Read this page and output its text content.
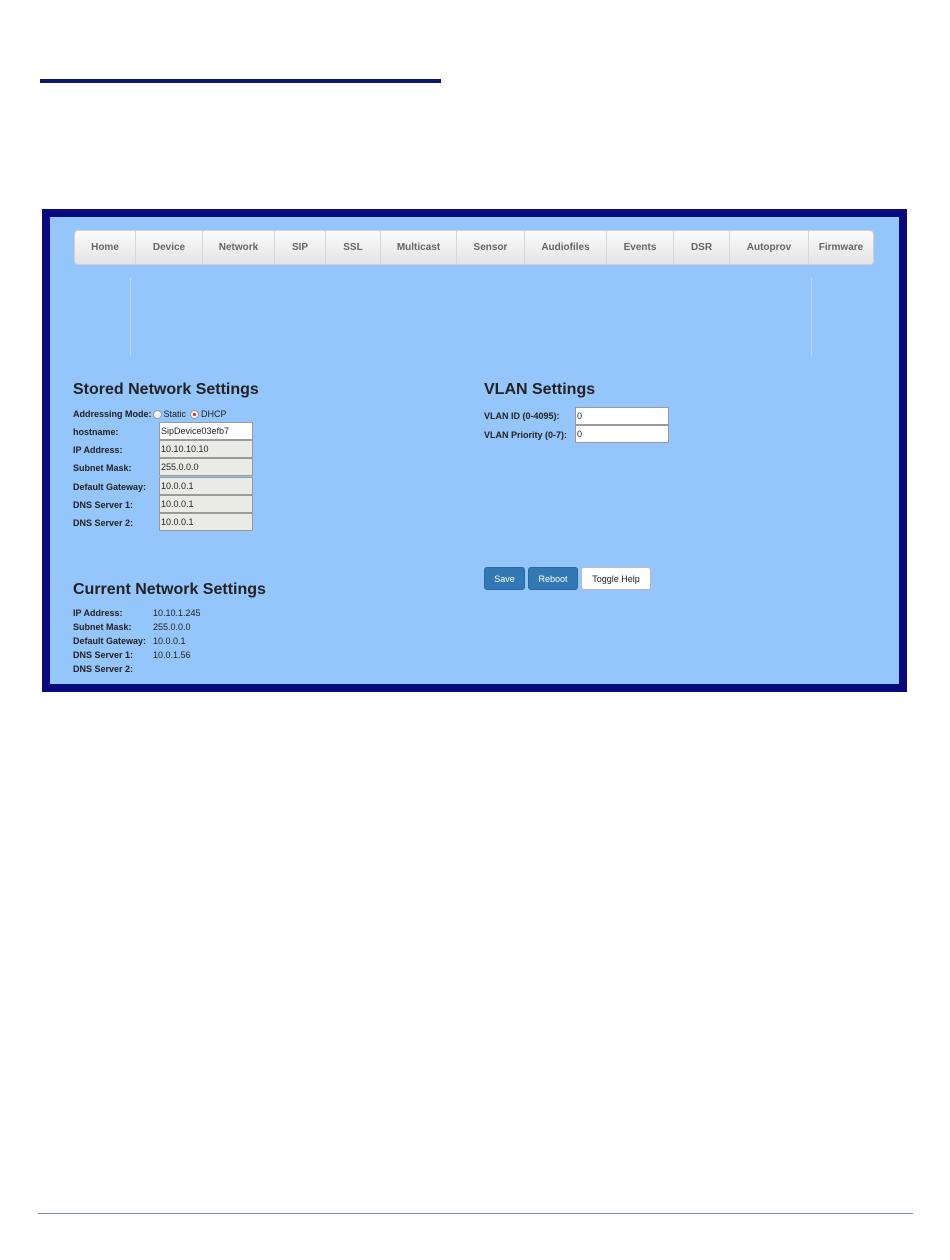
Home	Device	Network	SIP	SSL	Multicast	Sensor	Audiofiles	Events	DSR	Autoprov	Firmware
Stored Network Settings
Addressing Mode: Static DHCP
hostname:	SipDevice03efb7
IP Address:	10.10.10.10
Subnet Mask:	255.0.0.0
Default Gateway: 10.0.0.1
DNS Server 1:	10.0.0.1
DNS Server 2:	10.0.0.1
VLAN Settings
VLAN ID (0-4095): 0
VLAN Priority (0-7): 0
Save	Reboot	Toggle Help
Current Network Settings
IP Address:	10.10.1.245
Subnet Mask: 255.0.0.0
Default Gateway: 10.0.0.1
DNS Server 1: 10.0.1.56
DNS Server 2:
